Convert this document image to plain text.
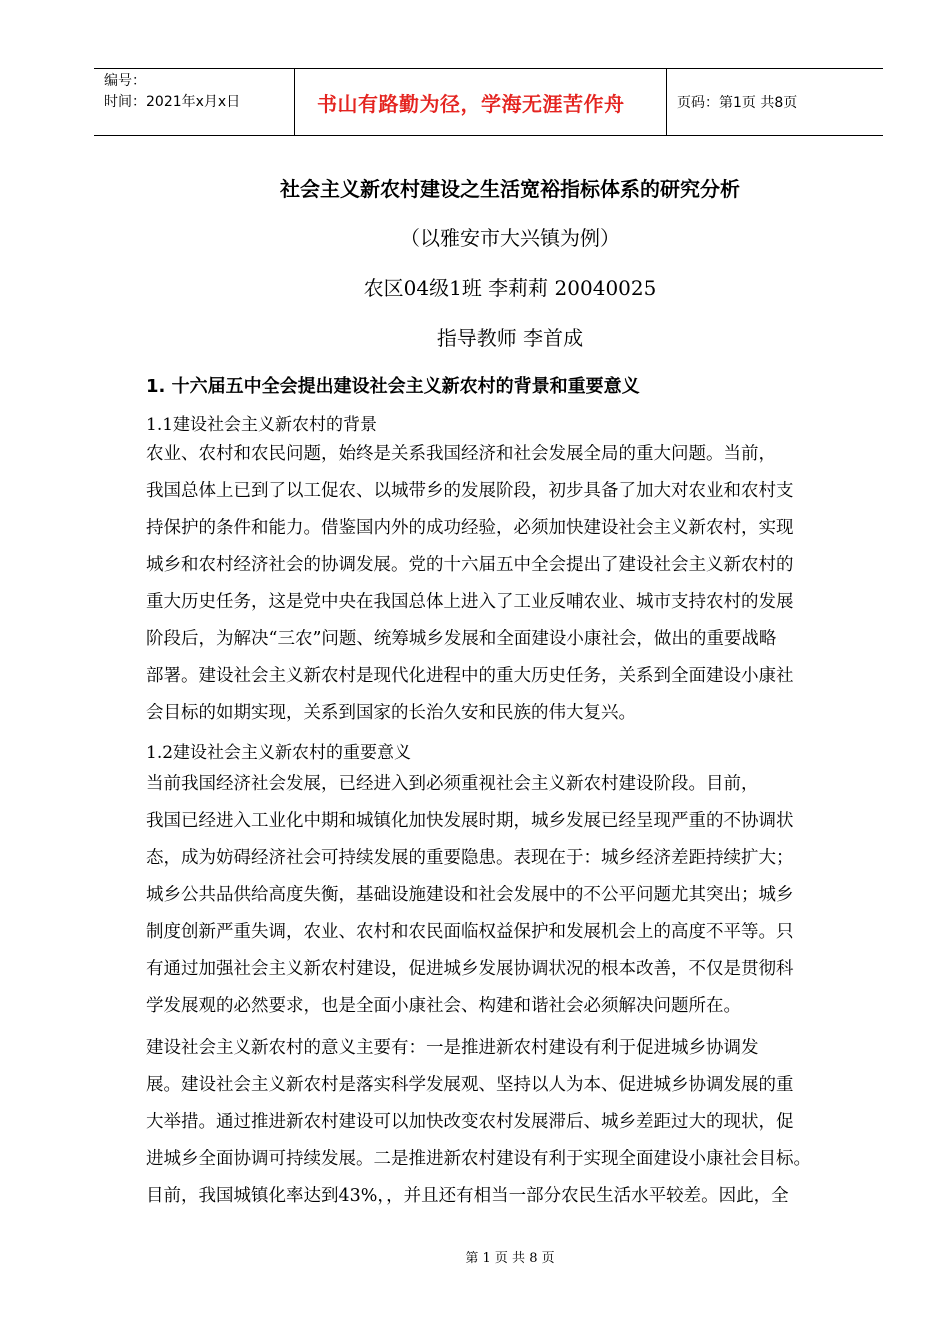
编号：
时间：2021年x月x日	书山有路勤为径，学海无涯苦作舟	页码：第1页 共8页
社会主义新农村建设之生活宽裕指标体系的研究分析
（以雅安市大兴镇为例）
农区04级1班 李莉莉 20040025
指导教师 李首成
1. 十六届五中全会提出建设社会主义新农村的背景和重要意义
1.1建设社会主义新农村的背景
农业、农村和农民问题，始终是关系我国经济和社会发展全局的重大问题。当前，
我国总体上已到了以工促农、以城带乡的发展阶段，初步具备了加大对农业和农村支
持保护的条件和能力。借鉴国内外的成功经验，必须加快建设社会主义新农村，实现
城乡和农村经济社会的协调发展。党的十六届五中全会提出了建设社会主义新农村的
重大历史任务，这是党中央在我国总体上进入了工业反哺农业、城市支持农村的发展
阶段后，为解决“三农”问题、统筹城乡发展和全面建设小康社会，做出的重要战略
部署。建设社会主义新农村是现代化进程中的重大历史任务，关系到全面建设小康社
会目标的如期实现，关系到国家的长治久安和民族的伟大复兴。
1.2建设社会主义新农村的重要意义
当前我国经济社会发展，已经进入到必须重视社会主义新农村建设阶段。目前，
我国已经进入工业化中期和城镇化加快发展时期，城乡发展已经呈现严重的不协调状
态，成为妨碍经济社会可持续发展的重要隐患。表现在于：城乡经济差距持续扩大；
城乡公共品供给高度失衡，基础设施建设和社会发展中的不公平问题尤其突出；城乡
制度创新严重失调，农业、农村和农民面临权益保护和发展机会上的高度不平等。只
有通过加强社会主义新农村建设，促进城乡发展协调状况的根本改善，不仅是贯彻科
学发展观的必然要求，也是全面小康社会、构建和谐社会必须解决问题所在。
建设社会主义新农村的意义主要有：一是推进新农村建设有利于促进城乡协调发
展。建设社会主义新农村是落实科学发展观、坚持以人为本、促进城乡协调发展的重
大举措。通过推进新农村建设可以加快改变农村发展滞后、城乡差距过大的现状，促
进城乡全面协调可持续发展。二是推进新农村建设有利于实现全面建设小康社会目标。
目前，我国城镇化率达到43%，，并且还有相当一部分农民生活水平较差。因此，全
第 1 页 共 8 页
